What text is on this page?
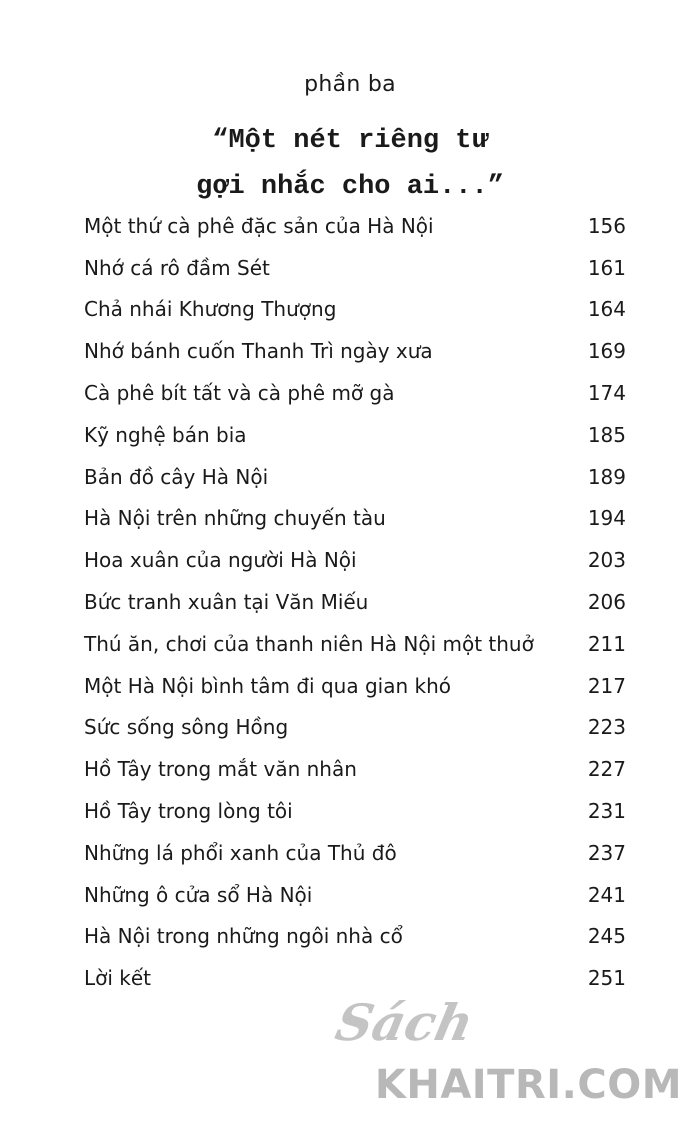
phần ba
“Một nét riêng tư
gợi nhắc cho ai...”
Một thứ cà phê đặc sản của Hà Nội	156
Nhớ cá rô đầm Sét	161
Chả nhái Khương Thượng	164
Nhớ bánh cuốn Thanh Trì ngày xưa	169
Cà phê bít tất và cà phê mỡ gà	174
Kỹ nghệ bán bia	185
Bản đồ cây Hà Nội	189
Hà Nội trên những chuyến tàu	194
Hoa xuân của người Hà Nội	203
Bức tranh xuân tại Văn Miếu	206
Thú ăn, chơi của thanh niên Hà Nội một thuở	211
Một Hà Nội bình tâm đi qua gian khó	217
Sức sống sông Hồng	223
Hồ Tây trong mắt văn nhân	227
Hồ Tây trong lòng tôi	231
Những lá phổi xanh của Thủ đô	237
Những ô cửa sổ Hà Nội	241
Hà Nội trong những ngôi nhà cổ	245
Lời kết	251
Sách
KHAITRI.COM
